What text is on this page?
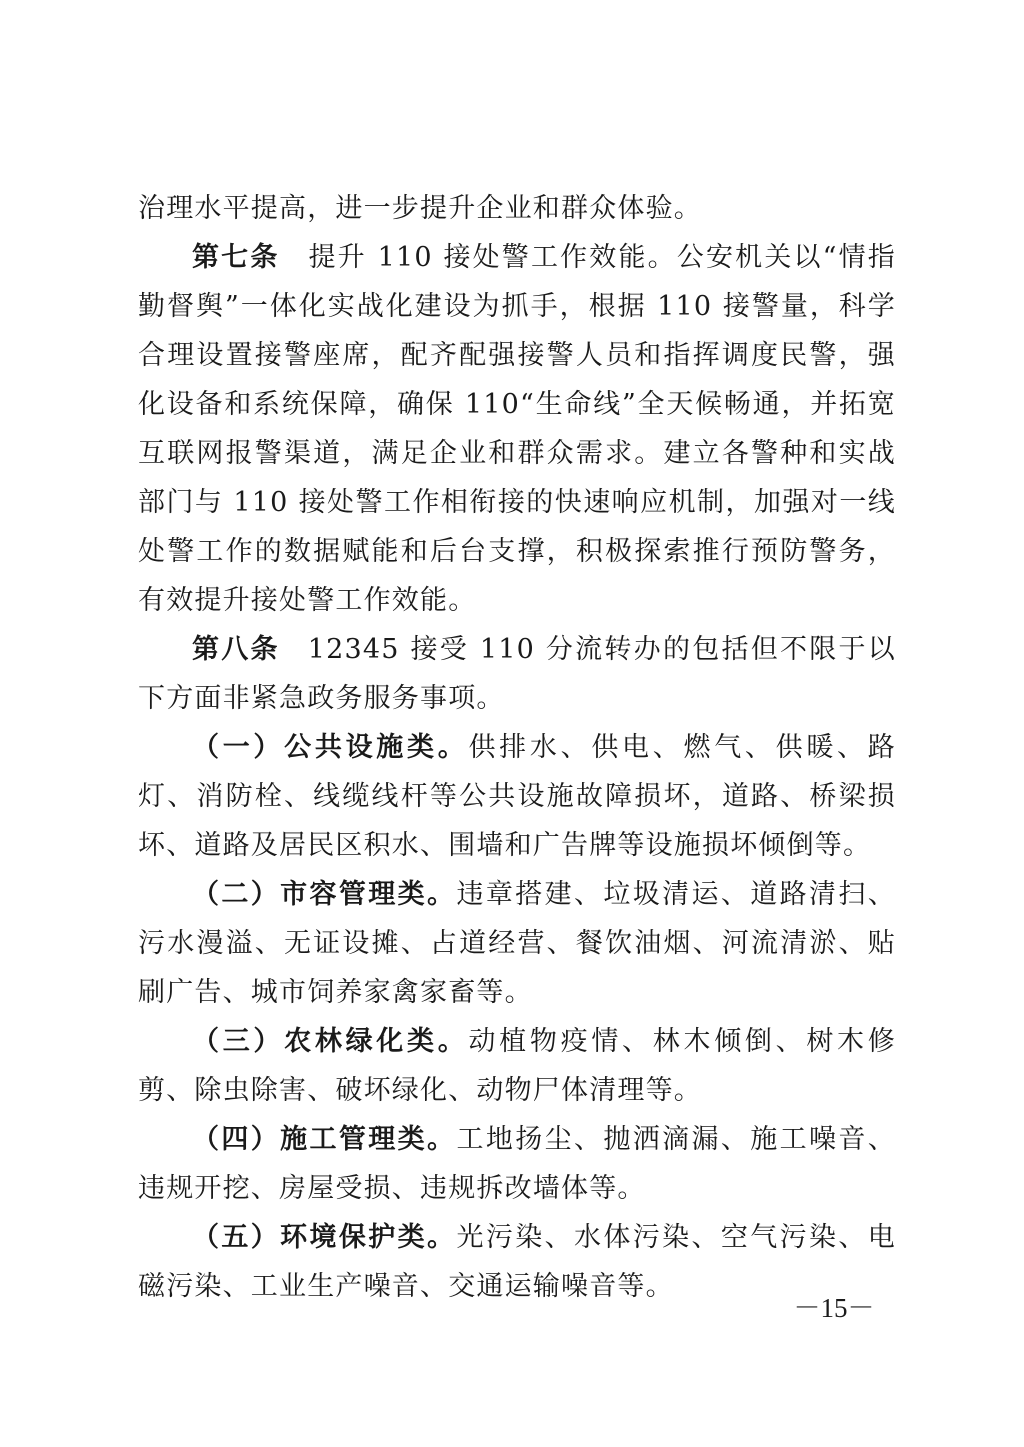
治理水平提高，进一步提升企业和群众体验。

第七条 提升 110 接处警工作效能。公安机关以“情指勤督舆”一体化实战化建设为抓手，根据 110 接警量，科学合理设置接警座席，配齐配强接警人员和指挥调度民警，强化设备和系统保障，确保 110“生命线”全天候畅通，并拓宽互联网报警渠道，满足企业和群众需求。建立各警种和实战部门与 110 接处警工作相衔接的快速响应机制，加强对一线处警工作的数据赋能和后台支撑，积极探索推行预防警务，有效提升接处警工作效能。

第八条 12345 接受 110 分流转办的包括但不限于以下方面非紧急政务服务事项。

（一）公共设施类。供排水、供电、燃气、供暖、路灯、消防栓、线缆线杆等公共设施故障损坏，道路、桥梁损坏、道路及居民区积水、围墙和广告牌等设施损坏倾倒等。

（二）市容管理类。违章搭建、垃圾清运、道路清扫、污水漫溢、无证设摊、占道经营、餐饮油烟、河流清淤、贴刷广告、城市饲养家禽家畜等。

（三）农林绿化类。动植物疫情、林木倾倒、树木修剪、除虫除害、破坏绿化、动物尸体清理等。

（四）施工管理类。工地扬尘、抛洒滴漏、施工噪音、违规开挖、房屋受损、违规拆改墙体等。

（五）环境保护类。光污染、水体污染、空气污染、电磁污染、工业生产噪音、交通运输噪音等。

－15－
